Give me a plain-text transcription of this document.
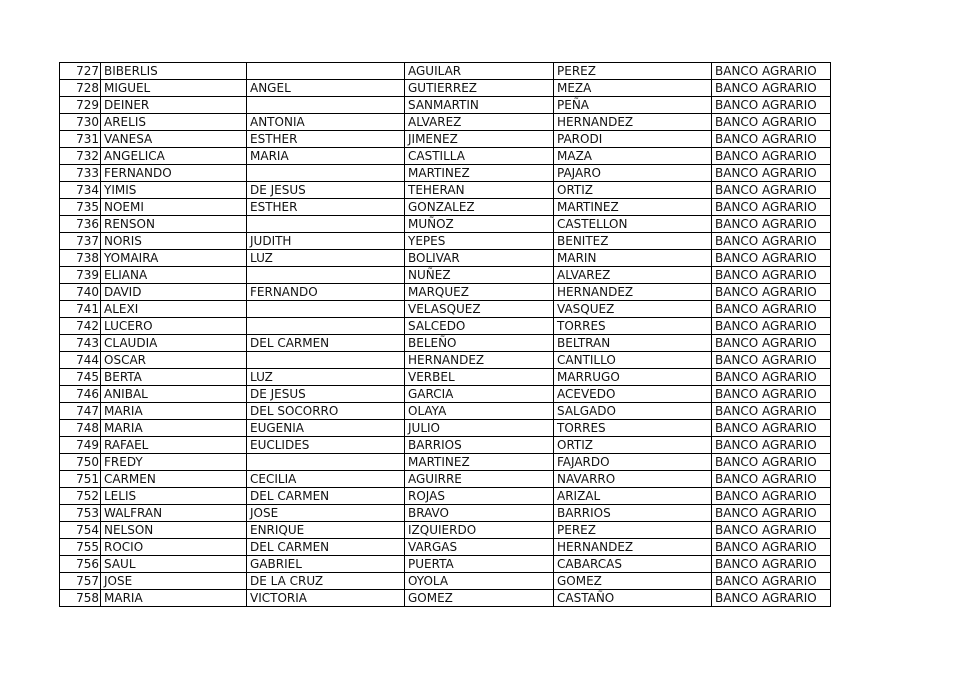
727	BIBERLIS		AGUILAR	PEREZ	BANCO AGRARIO
728	MIGUEL	ANGEL	GUTIERREZ	MEZA	BANCO AGRARIO
729	DEINER		SANMARTIN	PEÑA	BANCO AGRARIO
730	ARELIS	ANTONIA	ALVAREZ	HERNANDEZ	BANCO AGRARIO
731	VANESA	ESTHER	JIMENEZ	PARODI	BANCO AGRARIO
732	ANGELICA	MARIA	CASTILLA	MAZA	BANCO AGRARIO
733	FERNANDO		MARTINEZ	PAJARO	BANCO AGRARIO
734	YIMIS	DE JESUS	TEHERAN	ORTIZ	BANCO AGRARIO
735	NOEMI	ESTHER	GONZALEZ	MARTINEZ	BANCO AGRARIO
736	RENSON		MUÑOZ	CASTELLON	BANCO AGRARIO
737	NORIS	JUDITH	YEPES	BENITEZ	BANCO AGRARIO
738	YOMAIRA	LUZ	BOLIVAR	MARIN	BANCO AGRARIO
739	ELIANA		NUÑEZ	ALVAREZ	BANCO AGRARIO
740	DAVID	FERNANDO	MARQUEZ	HERNANDEZ	BANCO AGRARIO
741	ALEXI		VELASQUEZ	VASQUEZ	BANCO AGRARIO
742	LUCERO		SALCEDO	TORRES	BANCO AGRARIO
743	CLAUDIA	DEL CARMEN	BELEÑO	BELTRAN	BANCO AGRARIO
744	OSCAR		HERNANDEZ	CANTILLO	BANCO AGRARIO
745	BERTA	LUZ	VERBEL	MARRUGO	BANCO AGRARIO
746	ANIBAL	DE JESUS	GARCIA	ACEVEDO	BANCO AGRARIO
747	MARIA	DEL SOCORRO	OLAYA	SALGADO	BANCO AGRARIO
748	MARIA	EUGENIA	JULIO	TORRES	BANCO AGRARIO
749	RAFAEL	EUCLIDES	BARRIOS	ORTIZ	BANCO AGRARIO
750	FREDY		MARTINEZ	FAJARDO	BANCO AGRARIO
751	CARMEN	CECILIA	AGUIRRE	NAVARRO	BANCO AGRARIO
752	LELIS	DEL CARMEN	ROJAS	ARIZAL	BANCO AGRARIO
753	WALFRAN	JOSE	BRAVO	BARRIOS	BANCO AGRARIO
754	NELSON	ENRIQUE	IZQUIERDO	PEREZ	BANCO AGRARIO
755	ROCIO	DEL CARMEN	VARGAS	HERNANDEZ	BANCO AGRARIO
756	SAUL	GABRIEL	PUERTA	CABARCAS	BANCO AGRARIO
757	JOSE	DE LA CRUZ	OYOLA	GOMEZ	BANCO AGRARIO
758	MARIA	VICTORIA	GOMEZ	CASTAÑO	BANCO AGRARIO
